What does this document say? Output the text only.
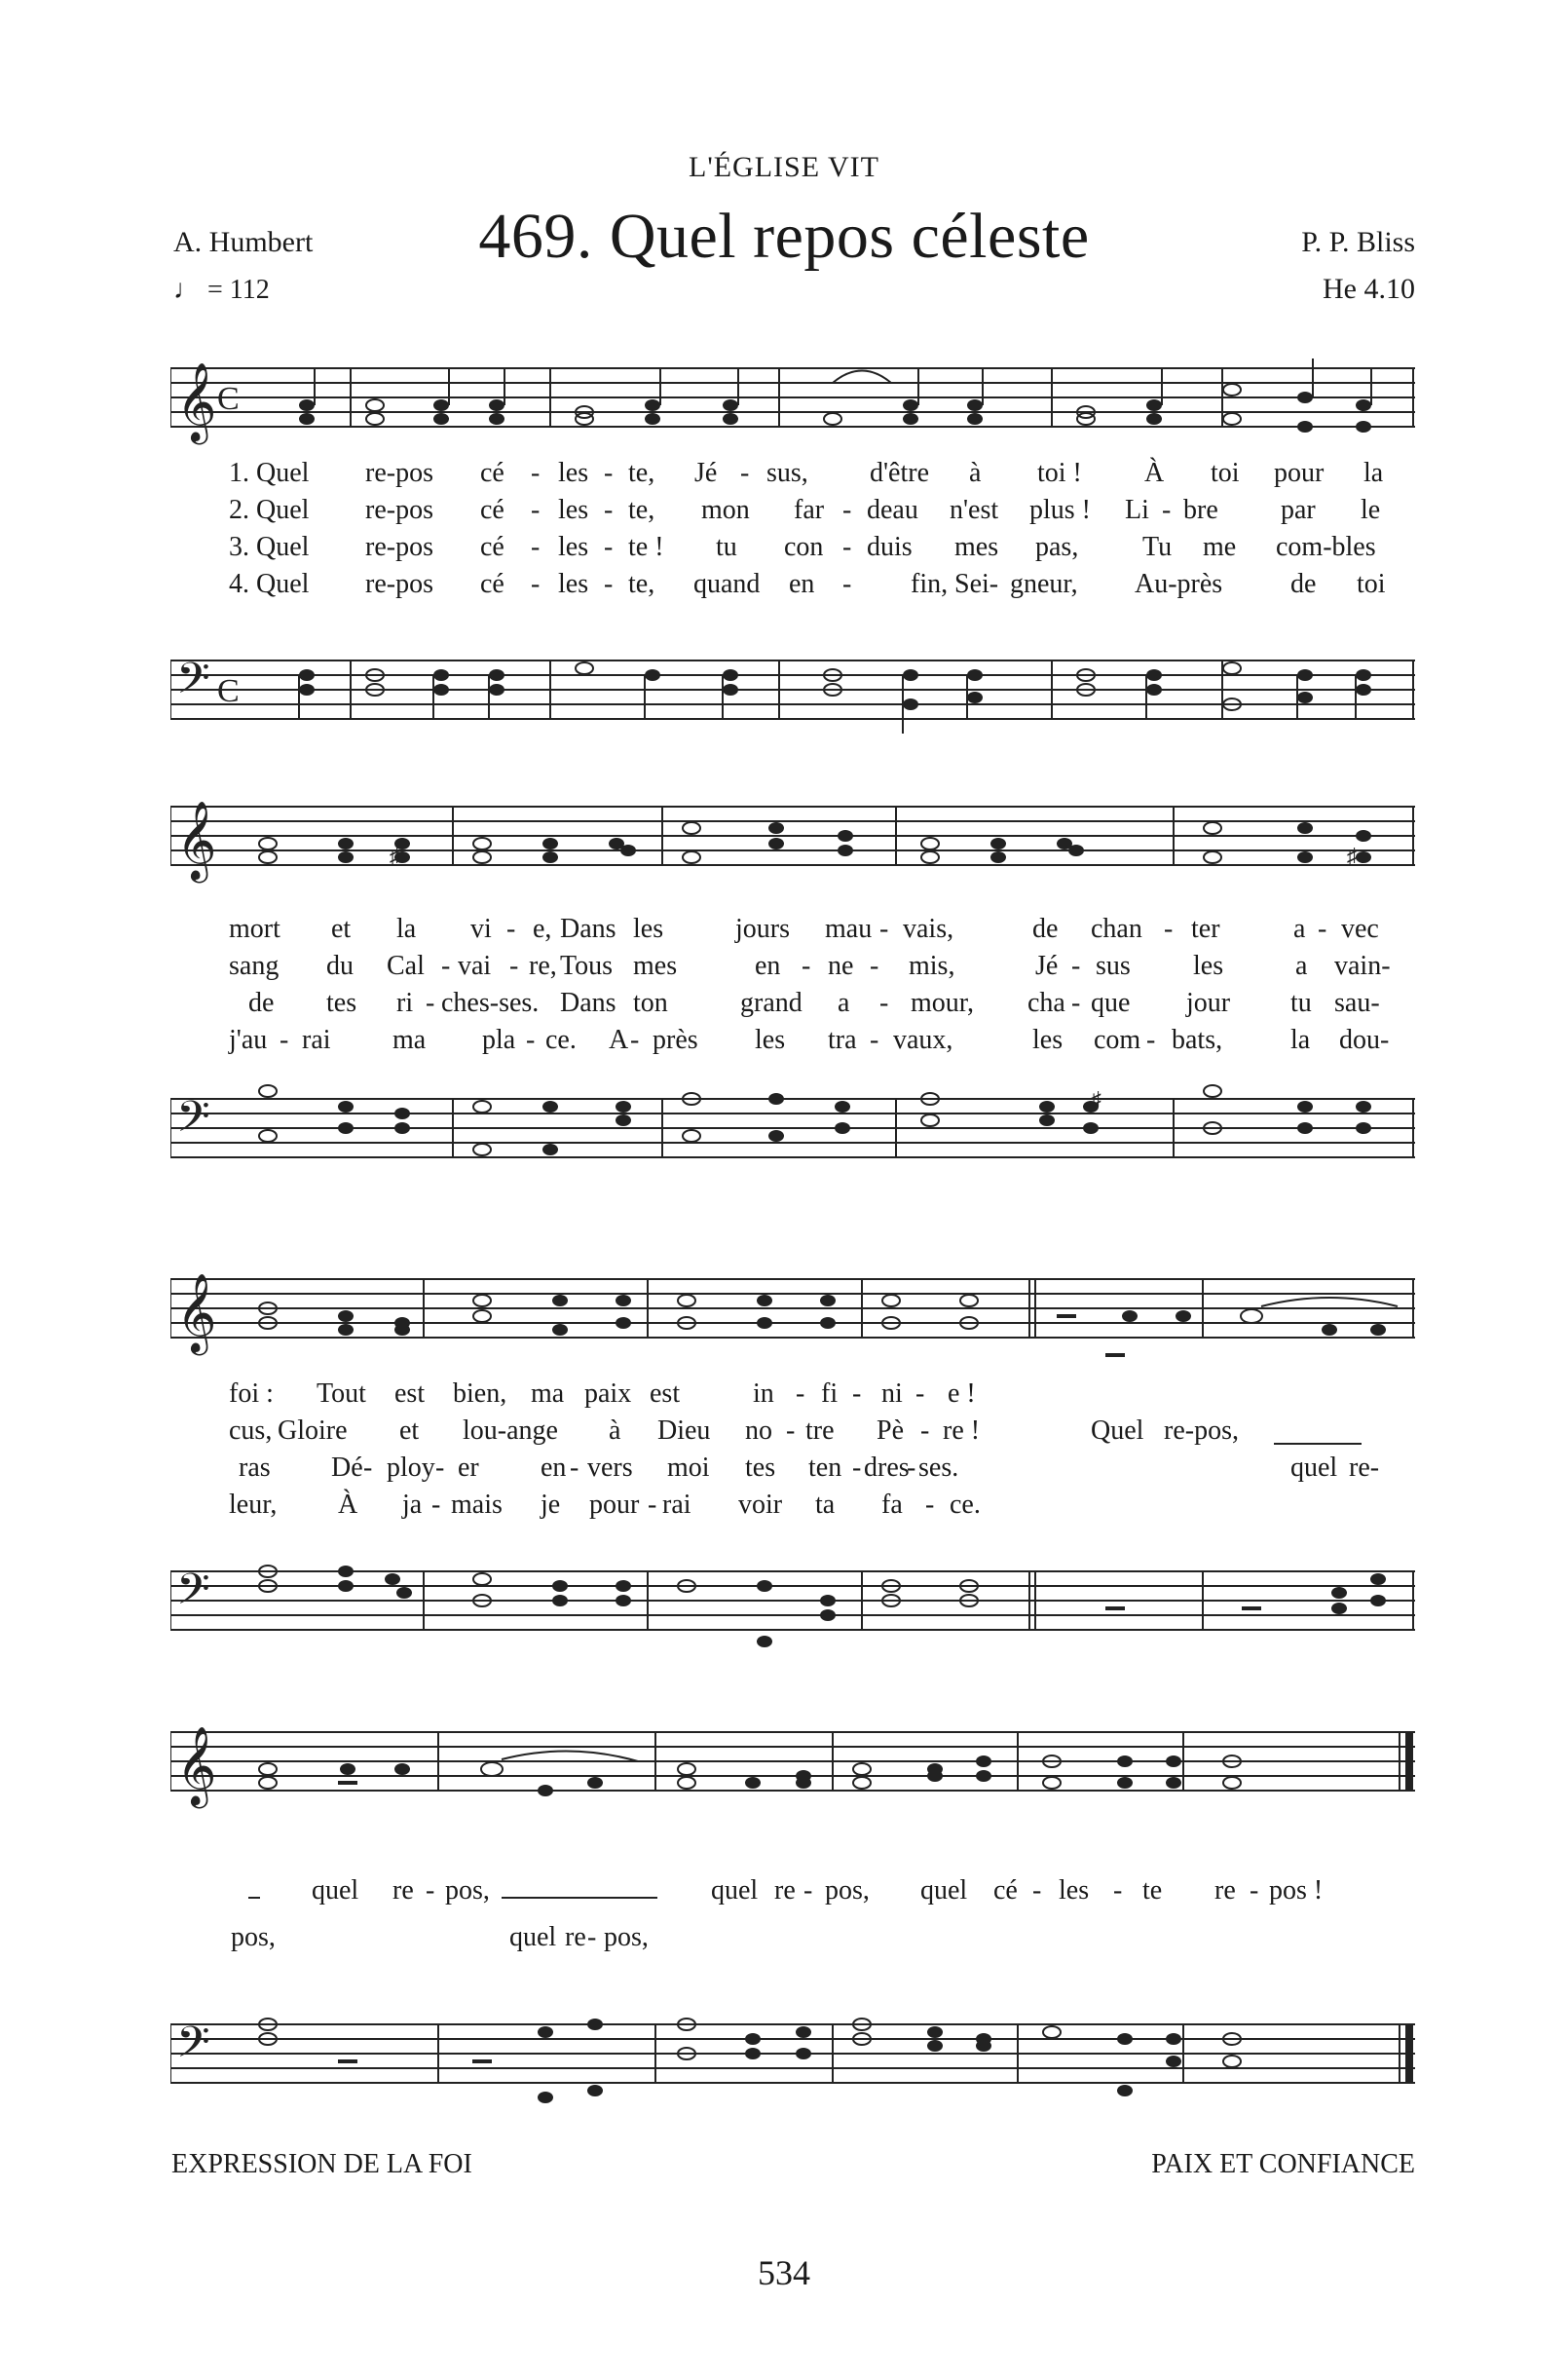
L'ÉGLISE VIT
A. Humbert
♩ = 112
469. Quel repos céleste	P. P. Bliss
He 4.10
𝄞 C
1. Quel re-pos cé - les - te, Jé - sus, d'être à toi ! À toi pour la
2. Quel re-pos cé - les - te, mon far - deau n'est plus ! Li - bre par le
3. Quel re-pos cé - les - te ! tu con - duis mes pas, Tu me com-bles
4. Quel re-pos cé - les - te, quand en - fin, Sei- gneur, Au-près de toi
𝄢 C
𝄞	♯	♯
mort et la vi - e, Dans les	jours mau - vais,	de chan - ter	a - vec
sang du Cal - vai - re, Tous mes	en - ne - mis,	Jé - sus les	a vain-
de tes ri - ches-ses. Dans ton	grand a - mour, cha - que jour tu sau-
j'au - rai ma pla - ce. A - près les tra - vaux,	les com - bats, la dou-
𝄢	♯
𝄞
foi : Tout est bien, ma paix est	in - fi - ni - e !
cus, Gloire et lou-ange à Dieu no - tre Pè - re !	Quel re-pos,
ras Dé - ploy - er en - vers moi tes ten - dres
- ses.	quel re-
leur, À ja - mais je pour - rai voir ta fa - ce.
𝄢
𝄞
quel re - pos,	quel re - pos, quel cé - les - te re - pos !
pos,	quel re - pos,
𝄢
EXPRESSION DE LA FOI	PAIX ET CONFIANCE
534
